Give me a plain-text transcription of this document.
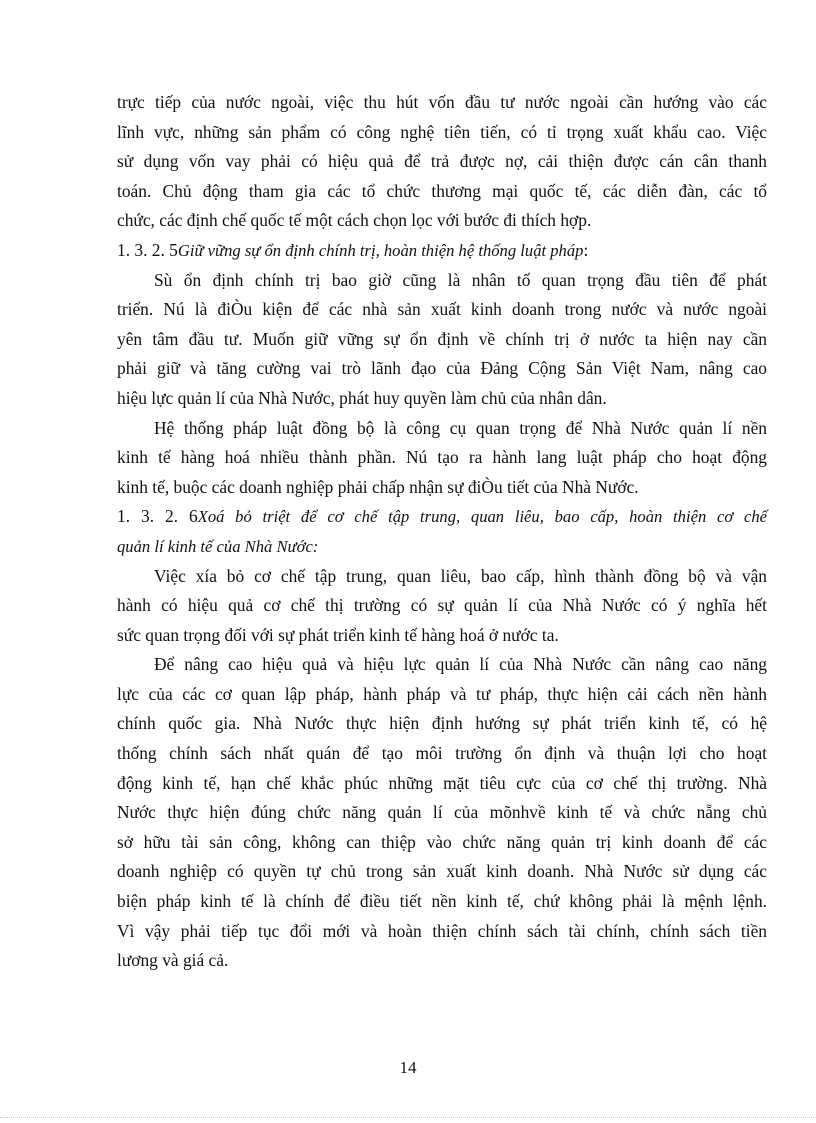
trực tiếp của nước ngoài, việc thu hút vốn đầu tư nước ngoài cần hướng vào các
lĩnh vực, những sản phẩm có công nghệ tiên tiến, có tỉ trọng xuất khẩu cao. Việc
sử dụng vốn vay phải có hiệu quả để trả được nợ, cải thiện được cán cân thanh
toán. Chủ động tham gia các tổ chức thương mại quốc tế, các diễn đàn, các tổ
chức, các định chế quốc tế một cách chọn lọc với bước đi thích hợp.
1. 3. 2. 5Giữ vững sự ổn định chính trị, hoàn thiện hệ thống luật pháp:
Sù ổn định chính trị bao giờ cũng là nhân tố quan trọng đầu tiên để phát
triển. Nú là điÒu kiện để các nhà sản xuất kinh doanh trong nước và nước ngoài
yên tâm đầu tư. Muốn giữ vững sự ổn định về chính trị ở nước ta hiện nay cần
phải giữ và tăng cường vai trò lãnh đạo của Đảng Cộng Sản Việt Nam, nâng cao
hiệu lực quản lí của Nhà Nước, phát huy quyền làm chủ của nhân dân.
Hệ thống pháp luật đồng bộ là công cụ quan trọng để Nhà Nước quản lí nền
kinh tế hàng hoá nhiều thành phần. Nú tạo ra hành lang luật pháp cho hoạt động
kinh tế, buộc các doanh nghiệp phải chấp nhận sự điÒu tiết của Nhà Nước.
1. 3. 2. 6Xoá bỏ triệt để cơ chế tập trung, quan liêu, bao cấp, hoàn thiện cơ chế
quản lí kinh tế của Nhà Nước:
Việc xía bỏ cơ chế tập trung, quan liêu, bao cấp, hình thành đồng bộ và vận
hành có hiệu quả cơ chế thị trường có sự quản lí của Nhà Nước có ý nghĩa hết
sức quan trọng đối với sự phát triển kinh tế hàng hoá ở nước ta.
Để nâng cao hiệu quả và hiệu lực quản lí của Nhà Nước cần nâng cao năng
lực của các cơ quan lập pháp, hành pháp và tư pháp, thực hiện cải cách nền hành
chính quốc gia. Nhà Nước thực hiện định hướng sự phát triển kinh tế, có hệ
thống chính sách nhất quán để tạo môi trường ổn định và thuận lợi cho hoạt
động kinh tế, hạn chế khắc phúc những mặt tiêu cực của cơ chế thị trường. Nhà
Nước thực hiện đúng chức năng quản lí của mõnhvề kinh tế và chức nẵng chủ
sở hữu tài sản công, không can thiệp vào chức năng quản trị kinh doanh để các
doanh nghiệp có quyền tự chủ trong sản xuất kinh doanh. Nhà Nước sử dụng các
biện pháp kinh tế là chính để điều tiết nền kinh tế, chứ không phải là mệnh lệnh.
Vì vậy phải tiếp tục đổi mới và hoàn thiện chính sách tài chính, chính sách tiền
lương và giá cả.
14
